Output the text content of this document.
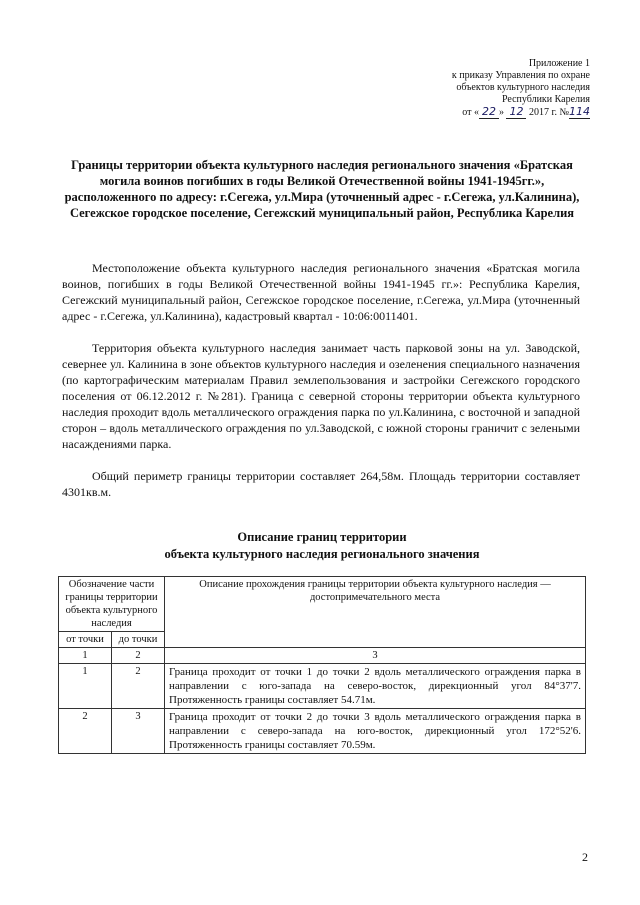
Приложение 1
к приказу Управления по охране
объектов культурного наследия
Республики Карелия
от « 22 » 12 2017 г. №114
Границы территории объекта культурного наследия регионального значения «Братская могила воинов погибших в годы Великой Отечественной войны 1941-1945гг.», расположенного по адресу: г.Сегежа, ул.Мира (уточненный адрес - г.Сегежа, ул.Калинина), Сегежское городское поселение, Сегежский муниципальный район, Республика Карелия

Местоположение объекта культурного наследия регионального значения «Братская могила воинов, погибших в годы Великой Отечественной войны 1941-1945 гг.»: Республика Карелия, Сегежский муниципальный район, Сегежское городское поселение, г.Сегежа, ул.Мира (уточненный адрес - г.Сегежа, ул.Калинина), кадастровый квартал - 10:06:0011401.

Территория объекта культурного наследия занимает часть парковой зоны на ул. Заводской, севернее ул. Калинина в зоне объектов культурного наследия и озеленения специального назначения (по картографическим материалам Правил землепользования и застройки Сегежского городского поселения от 06.12.2012 г. №281). Граница с северной стороны территории объекта культурного наследия проходит вдоль металлического ограждения парка по ул.Калинина, с восточной и западной сторон – вдоль металлического ограждения по ул.Заводской, с южной стороны граничит с зелеными насаждениями парка.

Общий периметр границы территории составляет 264,58м. Площадь территории составляет 4301кв.м.

Описание границ территории
объекта культурного наследия регионального значения
Обозначение части границы территории объекта культурного наследия		Описание прохождения границы территории объекта культурного наследия — достопримечательного места
от точки	до точки	
1	2	3
1	2	Граница проходит от точки 1 до точки 2 вдоль металлического ограждения парка в направлении с юго-запада на северо-восток, дирекционный угол 84°37'7. Протяженность границы составляет 54.71м.
2	3	Граница проходит от точки 2 до точки 3 вдоль металлического ограждения парка в направлении с северо-запада на юго-восток, дирекционный угол 172°52'6. Протяженность границы составляет 70.59м.
2
